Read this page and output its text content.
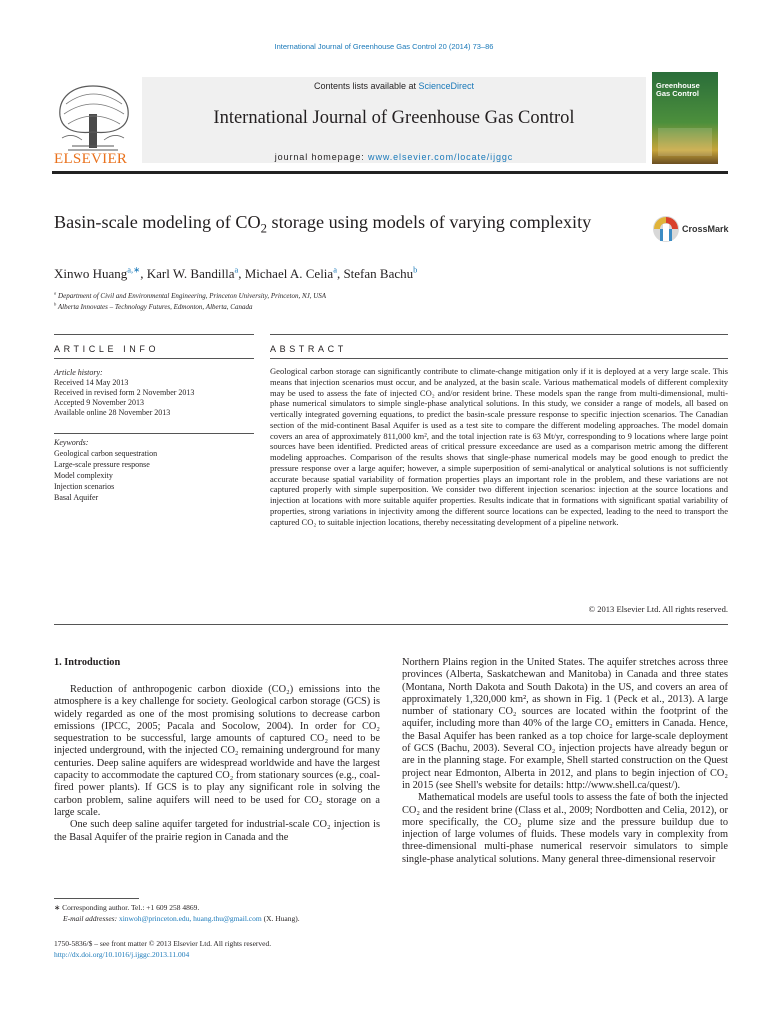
International Journal of Greenhouse Gas Control 20 (2014) 73–86
ELSEVIER
Contents lists available at ScienceDirect
International Journal of Greenhouse Gas Control
journal homepage: www.elsevier.com/locate/ijggc
Greenhouse Gas Control
Basin-scale modeling of $CO_2$ storage using models of varying complexity	CrossMark
Xinwo Huang$^{a,∗}$, Karl W. Bandilla$^a$, Michael A. Celia$^a$, Stefan Bachu$^b$
$^a$ Department of Civil and Environmental Engineering, Princeton University, Princeton, NJ, USA
$^b$ Alberta Innovates – Technology Futures, Edmonton, Alberta, Canada
ARTICLE INFO	ABSTRACT
Article history:
Received 14 May 2013
Received in revised form 2 November 2013
Accepted 9 November 2013
Available online 28 November 2013
Keywords:
Geological carbon sequestration
Large-scale pressure response
Model complexity
Injection scenarios
Basal Aquifer
Geological carbon storage can significantly contribute to climate-change mitigation only if it is deployed at a very large scale. This means that injection scenarios must occur, and be analyzed, at the basin scale. Various mathematical models of different complexity may be used to assess the fate of injected CO₂ and/or resident brine. These models span the range from multi-dimensional, multi-phase numerical simulators to simple single-phase analytical solutions. In this study, we consider a range of models, all based on vertically integrated governing equations, to predict the basin-scale pressure response to specific injection scenarios. The Canadian section of the mid-continent Basal Aquifer is used as a test site to compare the different modeling approaches. The model domain covers an area of approximately 811,000 km², and the total injection rate is 63 Mt/yr, corresponding to 9 locations where large point sources have been identified. Predicted areas of critical pressure exceedance are used as a comparison metric among the different modeling approaches. Comparison of the results shows that single-phase numerical models may be good enough to predict the pressure response over a large aquifer; however, a simple superposition of semi-analytical or analytical solutions is not sufficiently accurate because spatial variability of formation properties plays an important role in the problem, and these variations are not captured properly with simple superposition. We consider two different injection scenarios: injection at the source locations and injection at locations with more suitable aquifer properties. Results indicate that in formations with significant spatial variability of properties, strong variations in injectivity among the different source locations can be expected, leading to the need to transport the captured CO₂ to suitable injection locations, thereby necessitating development of a pipeline network.
© 2013 Elsevier Ltd. All rights reserved.
1. Introduction

Reduction of anthropogenic carbon dioxide (CO₂) emissions into the atmosphere is a key challenge for society. Geological carbon storage (GCS) is widely regarded as one of the most promising solutions to decrease carbon emissions (IPCC, 2005; Pacala and Socolow, 2004). In order for CO₂ sequestration to be successful, large amounts of captured CO₂ need to be injected underground, with the injected CO₂ remaining underground for many centuries. Deep saline aquifers are widespread worldwide and have the largest capacity to accommodate the captured CO₂ from stationary sources (e.g., coal-fired power plants). If GCS is to play any significant role in solving the carbon problem, saline aquifers will need to be used for CO₂ storage on a large scale.

One such deep saline aquifer targeted for industrial-scale CO₂ injection is the Basal Aquifer of the prairie region in Canada and the

Northern Plains region in the United States. The aquifer stretches across three provinces (Alberta, Saskatchewan and Manitoba) in Canada and three states (Montana, North Dakota and South Dakota) in the US, and covers an area of approximately 1,320,000 km², as shown in Fig. 1 (Peck et al., 2013). A large number of stationary CO₂ sources are located within the footprint of the aquifer, including more than 40% of the large CO₂ emitters in Canada. Hence, the Basal Aquifer has been ranked as a top choice for large-scale deployment of GCS (Bachu, 2003). Several CO₂ injection projects have already begun or are in the planning stage. For example, Shell started construction on the Quest project near Edmonton, Alberta in 2012, and plans to begin injection of CO₂ in 2015 (see Shell's website for details: http://www.shell.ca/quest/).

Mathematical models are useful tools to assess the fate of both the injected CO₂ and the resident brine (Class et al., 2009; Nordbotten and Celia, 2012), or more specifically, the CO₂ plume size and the pressure buildup due to injection of large volumes of fluids. These models vary in complexity from three-dimensional multi-phase numerical reservoir simulators to simple single-phase analytical solutions. Many general three-dimensional reservoir

∗ Corresponding author. Tel.: +1 609 258 4869.
E-mail addresses: xinwoh@princeton.edu, huang.thu@gmail.com (X. Huang).
1750-5836/$ – see front matter © 2013 Elsevier Ltd. All rights reserved.
http://dx.doi.org/10.1016/j.ijggc.2013.11.004
